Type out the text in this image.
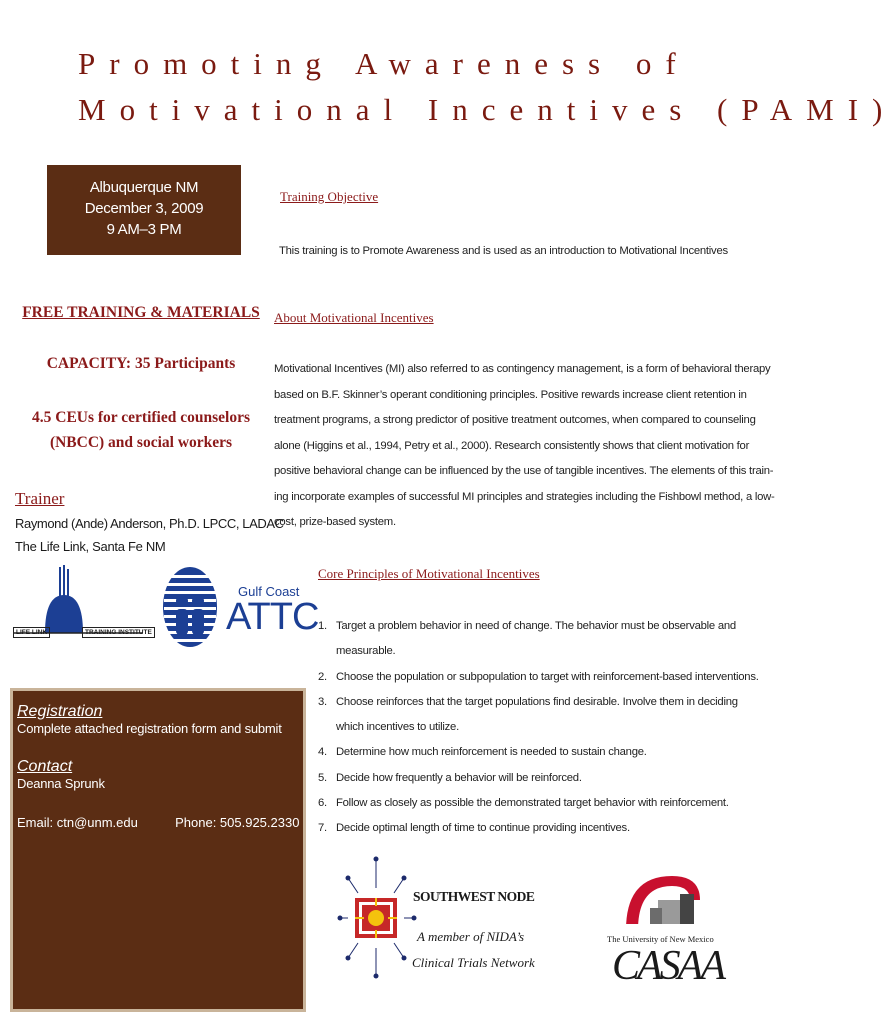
Promoting Awareness of
Motivational Incentives (PAMI)
Albuquerque NM
December 3, 2009
9 AM–3 PM
FREE TRAINING & MATERIALS
CAPACITY: 35 Participants
4.5 CEUs for certified counselors
(NBCC) and social workers
Trainer
Raymond (Ande) Anderson, Ph.D. LPCC, LADAC
The Life Link, Santa Fe NM
LIFE LINK	TRAINING INSTITUTE
Gulf Coast
ATTC
Registration
Complete attached registration form and submit
Contact
Deanna Sprunk
Email: ctn@unm.edu	Phone: 505.925.2330
Training Objective
This training is to Promote Awareness and is used as an introduction to Motivational Incentives
About Motivational Incentives
Motivational Incentives (MI) also referred to as contingency management, is a form of behavioral therapy
based on B.F. Skinner’s operant conditioning principles. Positive rewards increase client retention in
treatment programs, a strong predictor of positive treatment outcomes, when compared to counseling
alone (Higgins et al., 1994, Petry et al., 2000). Research consistently shows that client motivation for
positive behavioral change can be influenced by the use of tangible incentives. The elements of this train-
ing incorporate examples of successful MI principles and strategies including the Fishbowl method, a low-
cost, prize-based system.
Core Principles of Motivational Incentives
1. Target a problem behavior in need of change. The behavior must be observable and
measurable.
2. Choose the population or subpopulation to target with reinforcement-based interventions.
3. Choose reinforces that the target populations find desirable. Involve them in deciding
which incentives to utilize.
4. Determine how much reinforcement is needed to sustain change.
5. Decide how frequently a behavior will be reinforced.
6. Follow as closely as possible the demonstrated target behavior with reinforcement.
7. Decide optimal length of time to continue providing incentives.
SOUTHWEST NODE
A member of NIDA’s
Clinical Trials Network
The University of New Mexico
CASAA
